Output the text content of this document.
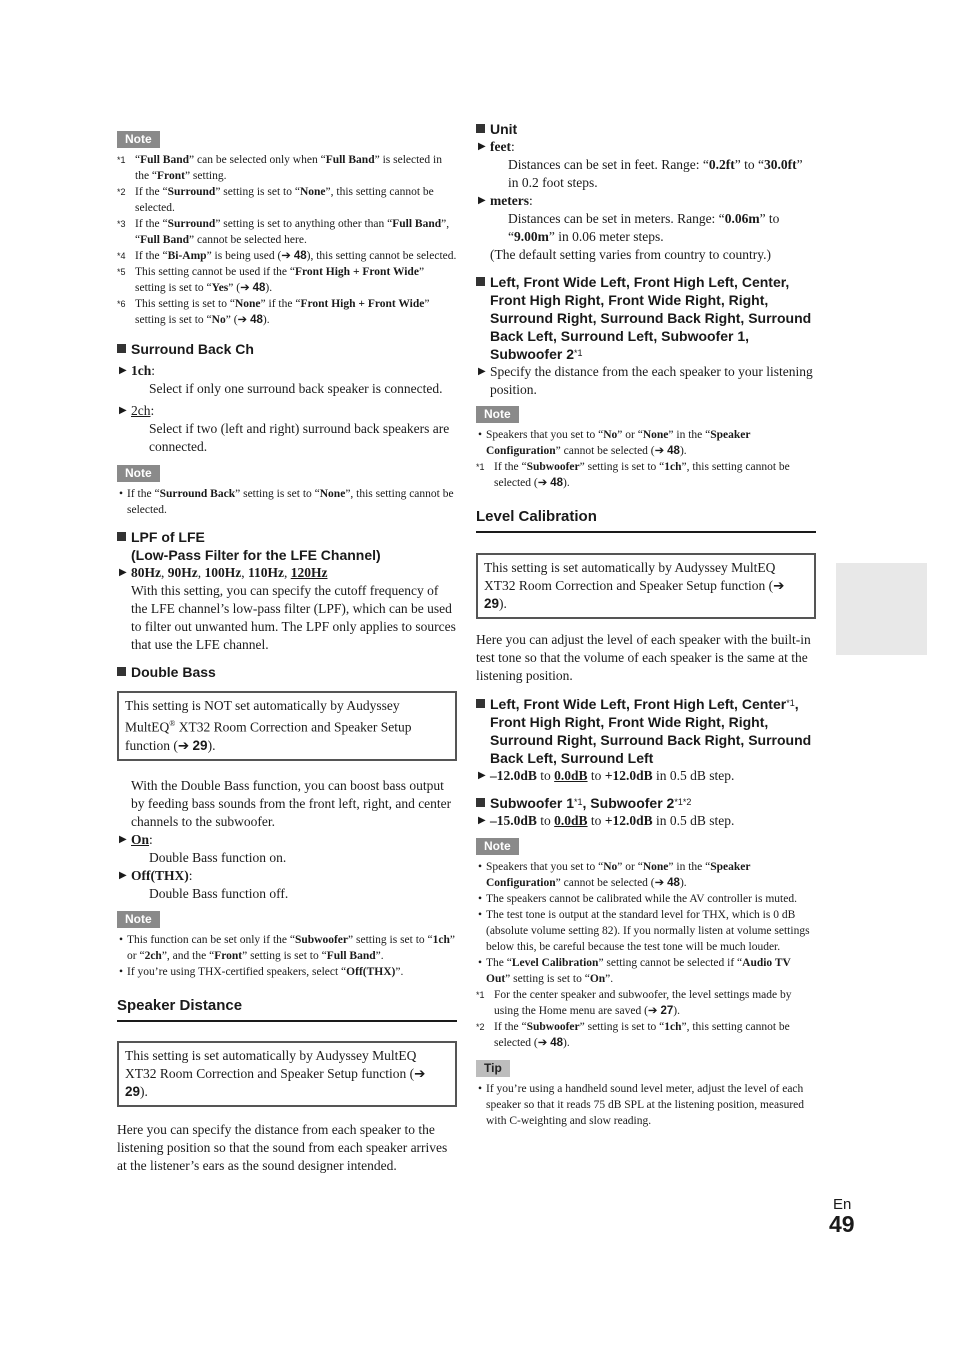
Note

*1 “Full Band” can be selected only when “Full Band” is selected in the “Front” setting.

*2 If the “Surround” setting is set to “None”, this setting cannot be selected.

*3 If the “Surround” setting is set to anything other than “Full Band”, “Full Band” cannot be selected here.

*4 If the “Bi-Amp” is being used (➔ 48), this setting cannot be selected.

*5 This setting cannot be used if the “Front High + Front Wide” setting is set to “Yes” (➔ 48).

*6 This setting is set to “None” if the “Front High + Front Wide” setting is set to “No” (➔ 48).

Surround Back Ch

▶ 1ch:

Select if only one surround back speaker is connected.

▶ 2ch:

Select if two (left and right) surround back speakers are connected.

Note

• If the “Surround Back” setting is set to “None”, this setting cannot be selected.

LPF of LFE

(Low-Pass Filter for the LFE Channel)

▶ 80Hz, 90Hz, 100Hz, 110Hz, 120Hz

With this setting, you can specify the cutoff frequency of the LFE channel’s low-pass filter (LPF), which can be used to filter out unwanted hum. The LPF only applies to sources that use the LFE channel.

Double Bass

This setting is NOT set automatically by Audyssey MultEQ® XT32 Room Correction and Speaker Setup function (➔ 29).

With the Double Bass function, you can boost bass output by feeding bass sounds from the front left, right, and center channels to the subwoofer.

▶ On:

Double Bass function on.

▶ Off(THX):

Double Bass function off.

Note

• This function can be set only if the “Subwoofer” setting is set to “1ch” or “2ch”, and the “Front” setting is set to “Full Band”.

• If you’re using THX-certified speakers, select “Off(THX)”.

Speaker Distance

This setting is set automatically by Audyssey MultEQ XT32 Room Correction and Speaker Setup function (➔ 29).

Here you can specify the distance from each speaker to the listening position so that the sound from each speaker arrives at the listener’s ears as the sound designer intended.

Unit

▶ feet:

Distances can be set in feet. Range: “0.2ft” to “30.0ft” in 0.2 foot steps.

▶ meters:

Distances can be set in meters. Range: “0.06m” to “9.00m” in 0.06 meter steps.

(The default setting varies from country to country.)

Left, Front Wide Left, Front High Left, Center, Front High Right, Front Wide Right, Right, Surround Right, Surround Back Right, Surround Back Left, Surround Left, Subwoofer 1, Subwoofer 2$^{*1}$

▶ Specify the distance from the each speaker to your listening position.

Note

• Speakers that you set to “No” or “None” in the “Speaker Configuration” cannot be selected (➔ 48).

*1 If the “Subwoofer” setting is set to “1ch”, this setting cannot be selected (➔ 48).

Level Calibration

This setting is set automatically by Audyssey MultEQ XT32 Room Correction and Speaker Setup function (➔ 29).

Here you can adjust the level of each speaker with the built-in test tone so that the volume of each speaker is the same at the listening position.

Left, Front Wide Left, Front High Left, Center$^{*1}$, Front High Right, Front Wide Right, Right, Surround Right, Surround Back Right, Surround Back Left, Surround Left

▶ –12.0dB to 0.0dB to +12.0dB in 0.5 dB step.

Subwoofer 1$^{*1}$, Subwoofer $2^{*1*2}$

▶ –15.0dB to 0.0dB to +12.0dB in 0.5 dB step.

Note

• Speakers that you set to “No” or “None” in the “Speaker Configuration” cannot be selected (➔ 48).

• The speakers cannot be calibrated while the AV controller is muted.

• The test tone is output at the standard level for THX, which is 0 dB (absolute volume setting 82). If you normally listen at volume settings below this, be careful because the test tone will be much louder.

• The “Level Calibration” setting cannot be selected if “Audio TV Out” setting is set to “On”.

*1 For the center speaker and subwoofer, the level settings made by using the Home menu are saved (➔ 27).

*2 If the “Subwoofer” setting is set to “1ch”, this setting cannot be selected (➔ 48).

Tip

• If you’re using a handheld sound level meter, adjust the level of each speaker so that it reads 75 dB SPL at the listening position, measured with C-weighting and slow reading.

En
49
